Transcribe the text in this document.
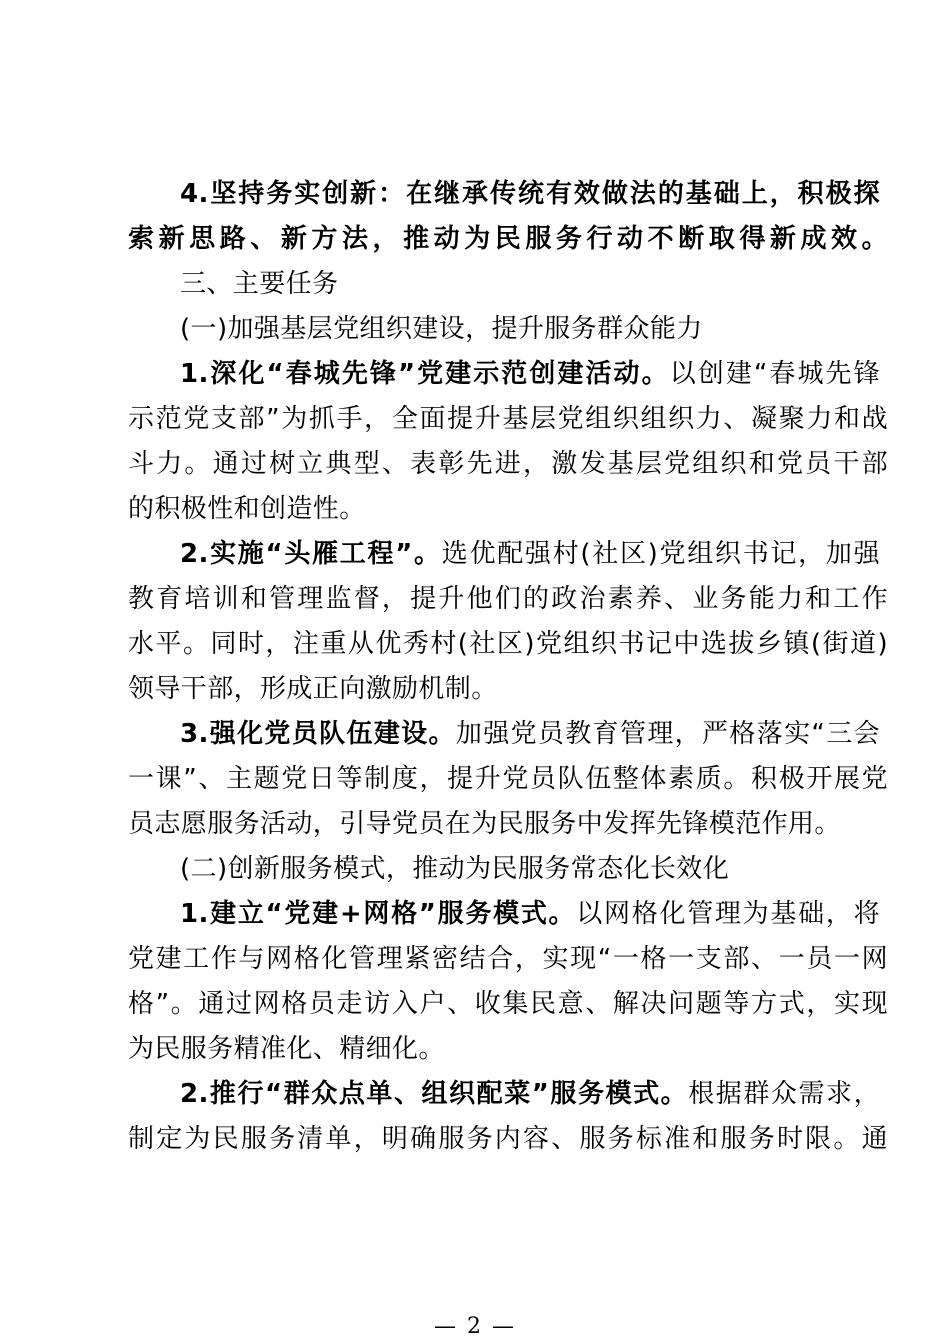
4.坚持务实创新：在继承传统有效做法的基础上，积极探
索新思路、新方法，推动为民服务行动不断取得新成效。
三、主要任务
(一)加强基层党组织建设，提升服务群众能力
1.深化“春城先锋”党建示范创建活动。以创建“春城先锋
示范党支部”为抓手，全面提升基层党组织组织力、凝聚力和战
斗力。通过树立典型、表彰先进，激发基层党组织和党员干部
的积极性和创造性。
2.实施“头雁工程”。选优配强村(社区)党组织书记，加强
教育培训和管理监督，提升他们的政治素养、业务能力和工作
水平。同时，注重从优秀村(社区)党组织书记中选拔乡镇(街道)
领导干部，形成正向激励机制。
3.强化党员队伍建设。加强党员教育管理，严格落实“三会
一课”、主题党日等制度，提升党员队伍整体素质。积极开展党
员志愿服务活动，引导党员在为民服务中发挥先锋模范作用。
(二)创新服务模式，推动为民服务常态化长效化
1.建立“党建+网格”服务模式。以网格化管理为基础，将
党建工作与网格化管理紧密结合，实现“一格一支部、一员一网
格”。通过网格员走访入户、收集民意、解决问题等方式，实现
为民服务精准化、精细化。
2.推行“群众点单、组织配菜”服务模式。根据群众需求，
制定为民服务清单，明确服务内容、服务标准和服务时限。通
— 2 —
